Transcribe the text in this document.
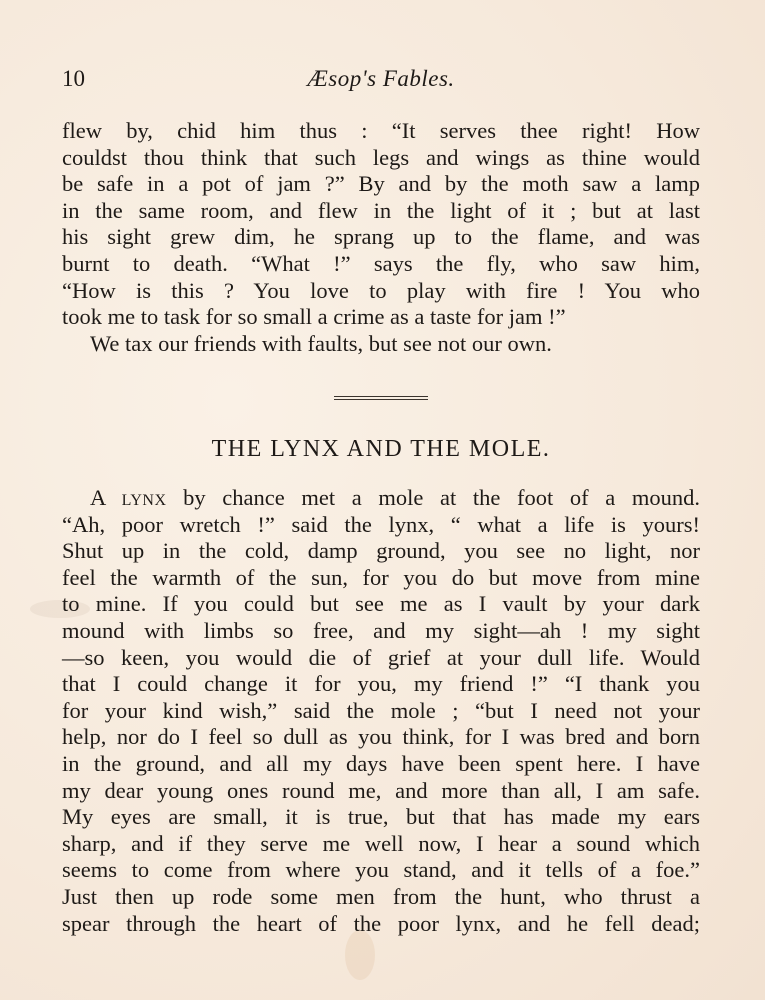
10	Æsop's Fables.
flew by, chid him thus : “It serves thee right! How
couldst thou think that such legs and wings as thine would
be safe in a pot of jam ?” By and by the moth saw a lamp
in the same room, and flew in the light of it ; but at last
his sight grew dim, he sprang up to the flame, and was
burnt to death. “What !” says the fly, who saw him,
“How is this ? You love to play with fire ! You who
took me to task for so small a crime as a taste for jam !”
We tax our friends with faults, but see not our own.
THE LYNX AND THE MOLE.
A lynx by chance met a mole at the foot of a mound.
“Ah, poor wretch !” said the lynx, “ what a life is yours!
Shut up in the cold, damp ground, you see no light, nor
feel the warmth of the sun, for you do but move from mine
to mine. If you could but see me as I vault by your dark
mound with limbs so free, and my sight—ah ! my sight
—so keen, you would die of grief at your dull life. Would
that I could change it for you, my friend !” “I thank you
for your kind wish,” said the mole ; “but I need not your
help, nor do I feel so dull as you think, for I was bred and born
in the ground, and all my days have been spent here. I have
my dear young ones round me, and more than all, I am safe.
My eyes are small, it is true, but that has made my ears
sharp, and if they serve me well now, I hear a sound which
seems to come from where you stand, and it tells of a foe.”
Just then up rode some men from the hunt, who thrust a
spear through the heart of the poor lynx, and he fell dead;
